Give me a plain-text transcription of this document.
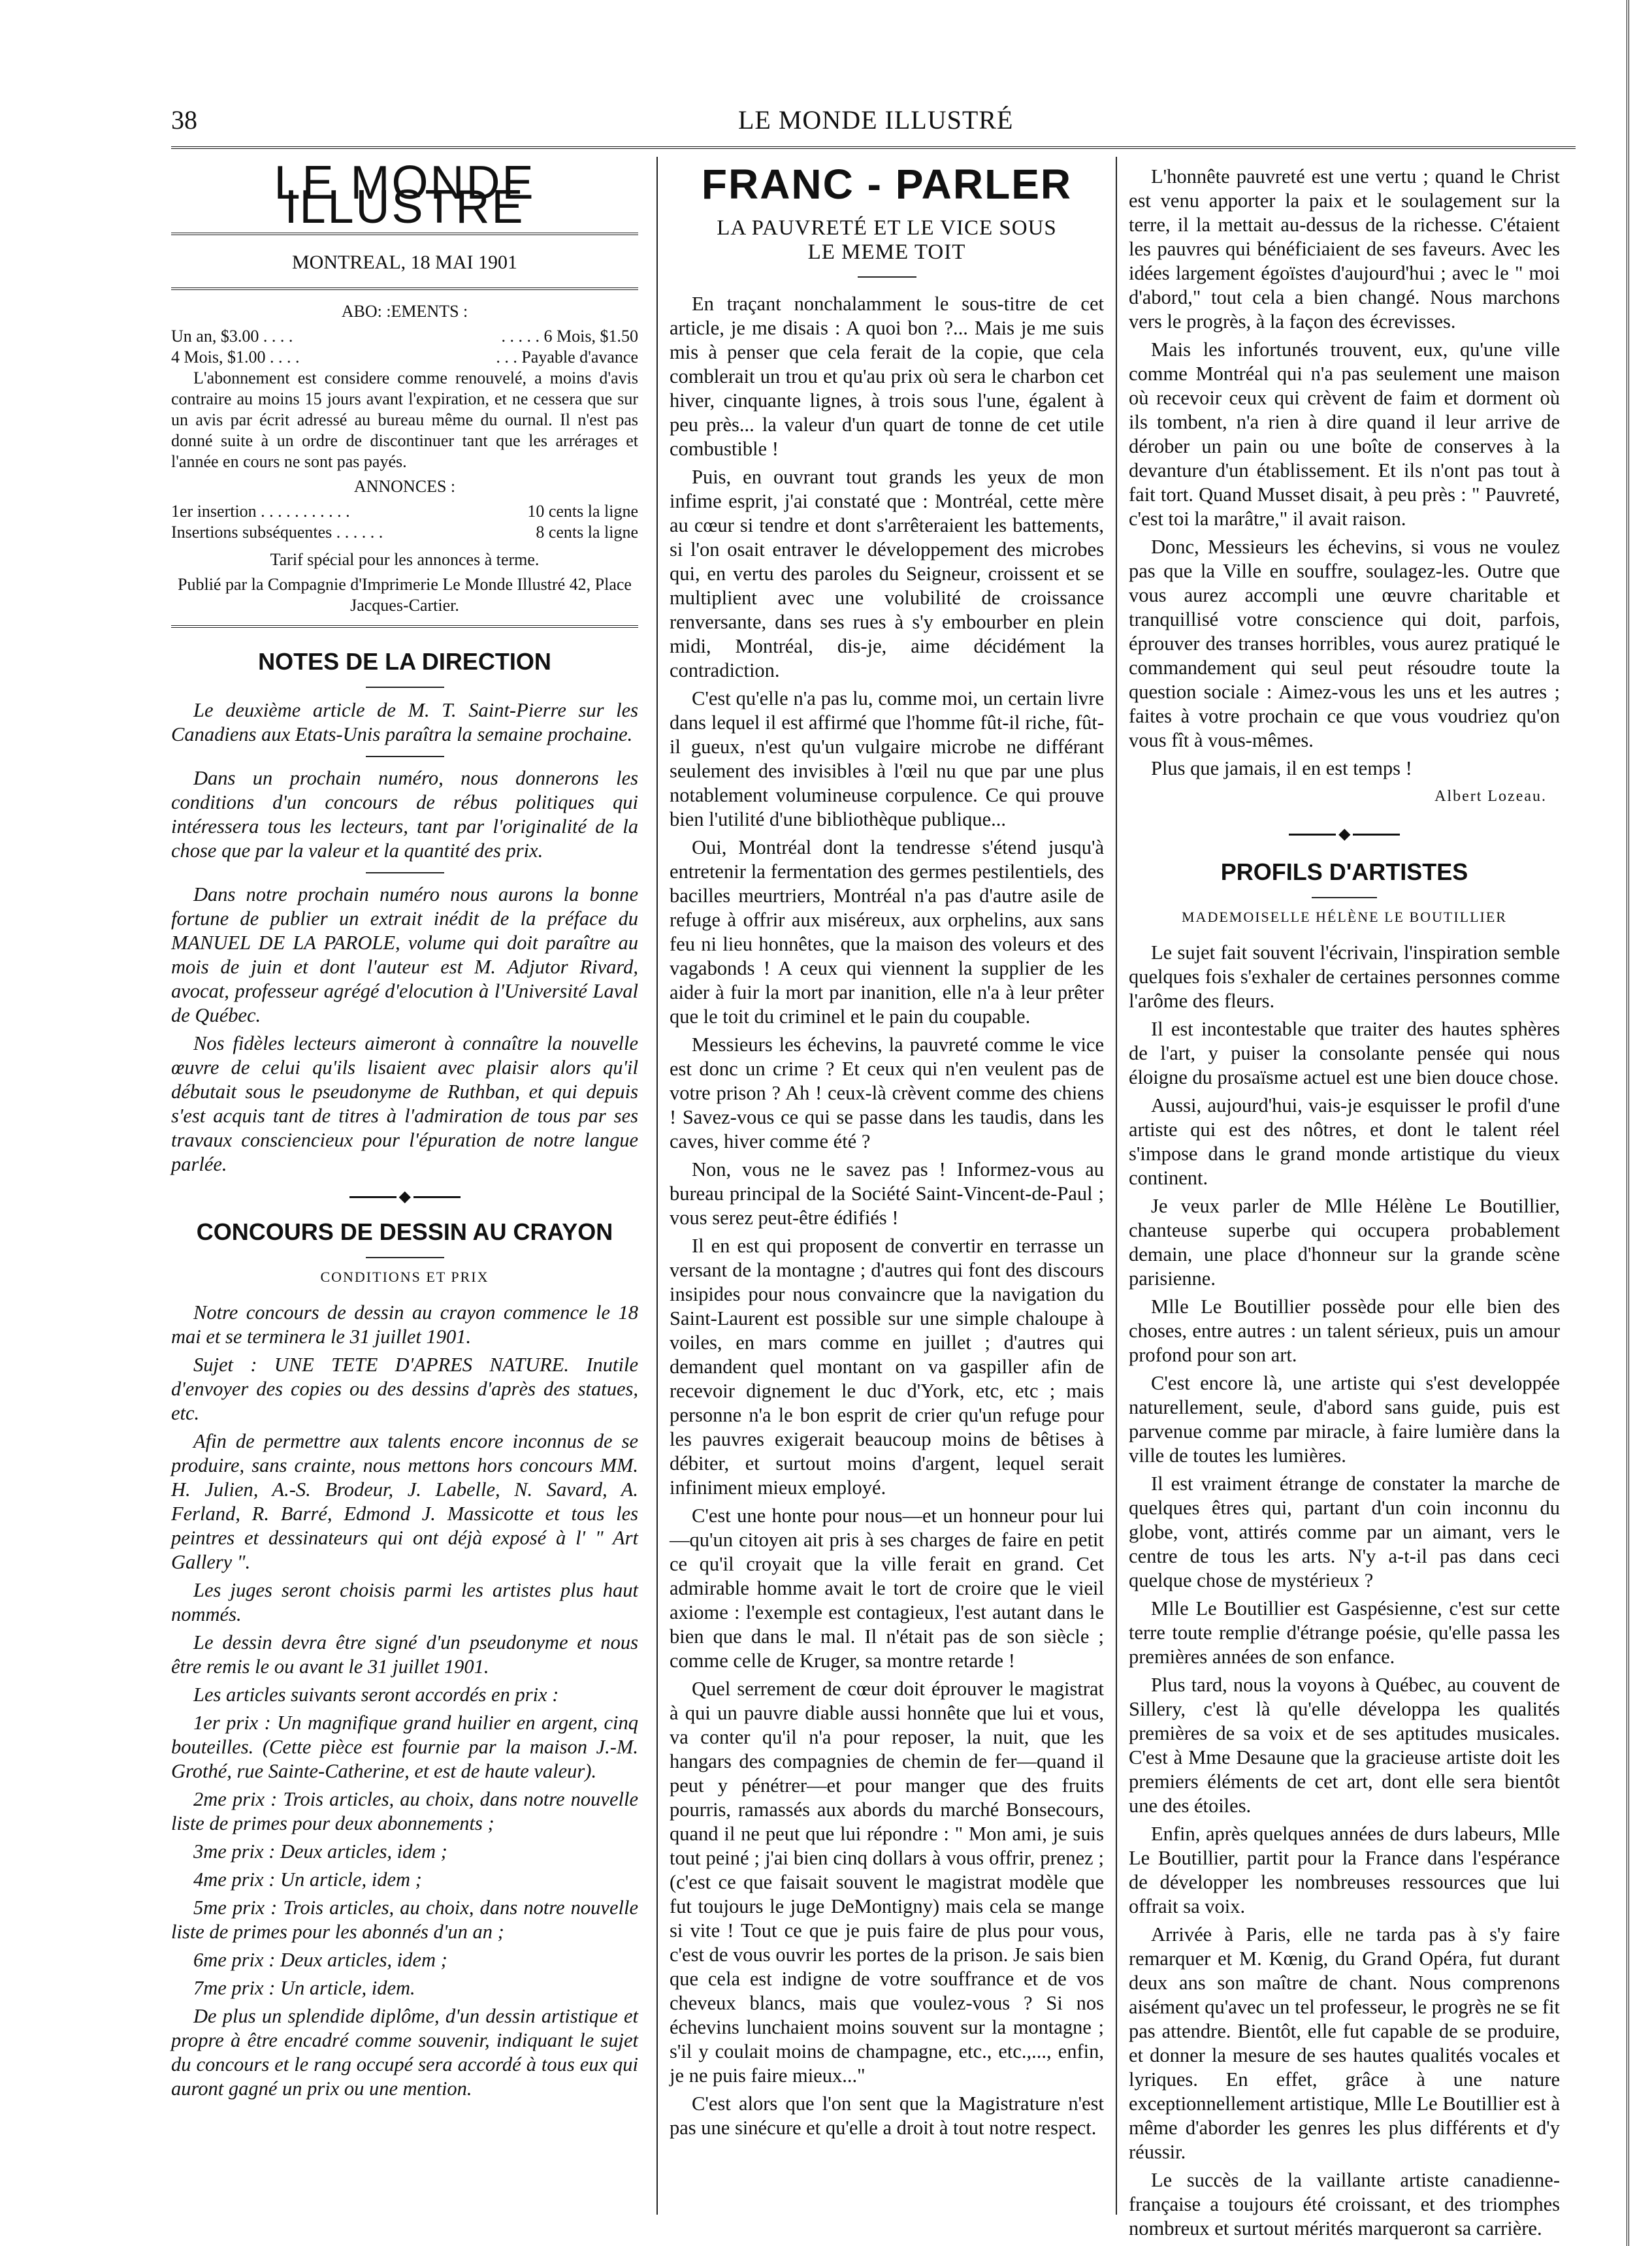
38	LE MONDE ILLUSTRÉ
LE MONDE ILLUSTRE

MONTREAL, 18 MAI 1901

ABO: :EMENTS :

Un an, $3.00 . . . .	. . . . . 6 Mois, $1.50
4 Mois, $1.00 . . . .	. . . Payable d'avance

L'abonnement est considere comme renouvelé, a moins d'avis contraire au moins 15 jours avant l'expiration, et ne cessera que sur un avis par écrit adressé au bureau même du ournal. Il n'est pas donné suite à un ordre de discontinuer tant que les arrérages et l'année en cours ne sont pas payés.

ANNONCES :

1er insertion . . . . . . . . . . .	10 cents la ligne
Insertions subséquentes . . . . . .	8 cents la ligne

Tarif spécial pour les annonces à terme.

Publié par la Compagnie d'Imprimerie Le Monde Illustré 42, Place Jacques-Cartier.

NOTES DE LA DIRECTION

Le deuxième article de M. T. Saint-Pierre sur les Canadiens aux Etats-Unis paraîtra la semaine prochaine.

Dans un prochain numéro, nous donnerons les conditions d'un concours de rébus politiques qui intéressera tous les lecteurs, tant par l'originalité de la chose que par la valeur et la quantité des prix.

Dans notre prochain numéro nous aurons la bonne fortune de publier un extrait inédit de la préface du MANUEL DE LA PAROLE, volume qui doit paraître au mois de juin et dont l'auteur est M. Adjutor Rivard, avocat, professeur agrégé d'elocution à l'Université Laval de Québec.

Nos fidèles lecteurs aimeront à connaître la nouvelle œuvre de celui qu'ils lisaient avec plaisir alors qu'il débutait sous le pseudonyme de Ruthban, et qui depuis s'est acquis tant de titres à l'admiration de tous par ses travaux consciencieux pour l'épuration de notre langue parlée.

◆
CONCOURS DE DESSIN AU CRAYON
CONDITIONS ET PRIX

Notre concours de dessin au crayon commence le 18 mai et se terminera le 31 juillet 1901.

Sujet : UNE TETE D'APRES NATURE. Inutile d'envoyer des copies ou des dessins d'après des statues, etc.

Afin de permettre aux talents encore inconnus de se produire, sans crainte, nous mettons hors concours MM. H. Julien, A.-S. Brodeur, J. Labelle, N. Savard, A. Ferland, R. Barré, Edmond J. Massicotte et tous les peintres et dessinateurs qui ont déjà exposé à l' " Art Gallery ".

Les juges seront choisis parmi les artistes plus haut nommés.

Le dessin devra être signé d'un pseudonyme et nous être remis le ou avant le 31 juillet 1901.

Les articles suivants seront accordés en prix :

1er prix : Un magnifique grand huilier en argent, cinq bouteilles. (Cette pièce est fournie par la maison J.-M. Grothé, rue Sainte-Catherine, et est de haute valeur).

2me prix : Trois articles, au choix, dans notre nouvelle liste de primes pour deux abonnements ;

3me prix : Deux articles, idem ;

4me prix : Un article, idem ;

5me prix : Trois articles, au choix, dans notre nouvelle liste de primes pour les abonnés d'un an ;

6me prix : Deux articles, idem ;

7me prix : Un article, idem.

De plus un splendide diplôme, d'un dessin artistique et propre à être encadré comme souvenir, indiquant le sujet du concours et le rang occupé sera accordé à tous eux qui auront gagné un prix ou une mention.

FRANC - PARLER
LA PAUVRETÉ ET LE VICE SOUS LE MEME TOIT

En traçant nonchalamment le sous-titre de cet article, je me disais : A quoi bon ?... Mais je me suis mis à penser que cela ferait de la copie, que cela comblerait un trou et qu'au prix où sera le charbon cet hiver, cinquante lignes, à trois sous l'une, égalent à peu près... la valeur d'un quart de tonne de cet utile combustible !

Puis, en ouvrant tout grands les yeux de mon infime esprit, j'ai constaté que : Montréal, cette mère au cœur si tendre et dont s'arrêteraient les battements, si l'on osait entraver le développement des microbes qui, en vertu des paroles du Seigneur, croissent et se multiplient avec une volubilité de croissance renversante, dans ses rues à s'y embourber en plein midi, Montréal, dis-je, aime décidément la contradiction.

C'est qu'elle n'a pas lu, comme moi, un certain livre dans lequel il est affirmé que l'homme fût-il riche, fût-il gueux, n'est qu'un vulgaire microbe ne différant seulement des invisibles à l'œil nu que par une plus notablement volumineuse corpulence. Ce qui prouve bien l'utilité d'une bibliothèque publique...

Oui, Montréal dont la tendresse s'étend jusqu'à entretenir la fermentation des germes pestilentiels, des bacilles meurtriers, Montréal n'a pas d'autre asile de refuge à offrir aux miséreux, aux orphelins, aux sans feu ni lieu honnêtes, que la maison des voleurs et des vagabonds ! A ceux qui viennent la supplier de les aider à fuir la mort par inanition, elle n'a à leur prêter que le toit du criminel et le pain du coupable.

Messieurs les échevins, la pauvreté comme le vice est donc un crime ? Et ceux qui n'en veulent pas de votre prison ? Ah ! ceux-là crèvent comme des chiens ! Savez-vous ce qui se passe dans les taudis, dans les caves, hiver comme été ?

Non, vous ne le savez pas ! Informez-vous au bureau principal de la Société Saint-Vincent-de-Paul ; vous serez peut-être édifiés !

Il en est qui proposent de convertir en terrasse un versant de la montagne ; d'autres qui font des discours insipides pour nous convaincre que la navigation du Saint-Laurent est possible sur une simple chaloupe à voiles, en mars comme en juillet ; d'autres qui demandent quel montant on va gaspiller afin de recevoir dignement le duc d'York, etc, etc ; mais personne n'a le bon esprit de crier qu'un refuge pour les pauvres exigerait beaucoup moins de bêtises à débiter, et surtout moins d'argent, lequel serait infiniment mieux employé.

C'est une honte pour nous—et un honneur pour lui—qu'un citoyen ait pris à ses charges de faire en petit ce qu'il croyait que la ville ferait en grand. Cet admirable homme avait le tort de croire que le vieil axiome : l'exemple est contagieux, l'est autant dans le bien que dans le mal. Il n'était pas de son siècle ; comme celle de Kruger, sa montre retarde !

Quel serrement de cœur doit éprouver le magistrat à qui un pauvre diable aussi honnête que lui et vous, va conter qu'il n'a pour reposer, la nuit, que les hangars des compagnies de chemin de fer—quand il peut y pénétrer—et pour manger que des fruits pourris, ramassés aux abords du marché Bonsecours, quand il ne peut que lui répondre : " Mon ami, je suis tout peiné ; j'ai bien cinq dollars à vous offrir, prenez ; (c'est ce que faisait souvent le magistrat modèle que fut toujours le juge DeMontigny) mais cela se mange si vite ! Tout ce que je puis faire de plus pour vous, c'est de vous ouvrir les portes de la prison. Je sais bien que cela est indigne de votre souffrance et de vos cheveux blancs, mais que voulez-vous ? Si nos échevins lunchaient moins souvent sur la montagne ; s'il y coulait moins de champagne, etc., etc.,..., enfin, je ne puis faire mieux..."

C'est alors que l'on sent que la Magistrature n'est pas une sinécure et qu'elle a droit à tout notre respect.

L'honnête pauvreté est une vertu ; quand le Christ est venu apporter la paix et le soulagement sur la terre, il la mettait au-dessus de la richesse. C'étaient les pauvres qui bénéficiaient de ses faveurs. Avec les idées largement égoïstes d'aujourd'hui ; avec le " moi d'abord," tout cela a bien changé. Nous marchons vers le progrès, à la façon des écrevisses.

Mais les infortunés trouvent, eux, qu'une ville comme Montréal qui n'a pas seulement une maison où recevoir ceux qui crèvent de faim et dorment où ils tombent, n'a rien à dire quand il leur arrive de dérober un pain ou une boîte de conserves à la devanture d'un établissement. Et ils n'ont pas tout à fait tort. Quand Musset disait, à peu près : " Pauvreté, c'est toi la marâtre," il avait raison.

Donc, Messieurs les échevins, si vous ne voulez pas que la Ville en souffre, soulagez-les. Outre que vous aurez accompli une œuvre charitable et tranquillisé votre conscience qui doit, parfois, éprouver des transes horribles, vous aurez pratiqué le commandement qui seul peut résoudre toute la question sociale : Aimez-vous les uns et les autres ; faites à votre prochain ce que vous voudriez qu'on vous fît à vous-mêmes.

Plus que jamais, il en est temps !

Albert Lozeau.
◆
PROFILS D'ARTISTES
MADEMOISELLE HÉLÈNE LE BOUTILLIER

Le sujet fait souvent l'écrivain, l'inspiration semble quelques fois s'exhaler de certaines personnes comme l'arôme des fleurs.

Il est incontestable que traiter des hautes sphères de l'art, y puiser la consolante pensée qui nous éloigne du prosaïsme actuel est une bien douce chose.

Aussi, aujourd'hui, vais-je esquisser le profil d'une artiste qui est des nôtres, et dont le talent réel s'impose dans le grand monde artistique du vieux continent.

Je veux parler de Mlle Hélène Le Boutillier, chanteuse superbe qui occupera probablement demain, une place d'honneur sur la grande scène parisienne.

Mlle Le Boutillier possède pour elle bien des choses, entre autres : un talent sérieux, puis un amour profond pour son art.

C'est encore là, une artiste qui s'est developpée naturellement, seule, d'abord sans guide, puis est parvenue comme par miracle, à faire lumière dans la ville de toutes les lumières.

Il est vraiment étrange de constater la marche de quelques êtres qui, partant d'un coin inconnu du globe, vont, attirés comme par un aimant, vers le centre de tous les arts. N'y a-t-il pas dans ceci quelque chose de mystérieux ?

Mlle Le Boutillier est Gaspésienne, c'est sur cette terre toute remplie d'étrange poésie, qu'elle passa les premières années de son enfance.

Plus tard, nous la voyons à Québec, au couvent de Sillery, c'est là qu'elle développa les qualités premières de sa voix et de ses aptitudes musicales. C'est à Mme Desaune que la gracieuse artiste doit les premiers éléments de cet art, dont elle sera bientôt une des étoiles.

Enfin, après quelques années de durs labeurs, Mlle Le Boutillier, partit pour la France dans l'espérance de développer les nombreuses ressources que lui offrait sa voix.

Arrivée à Paris, elle ne tarda pas à s'y faire remarquer et M. Kœnig, du Grand Opéra, fut durant deux ans son maître de chant. Nous comprenons aisément qu'avec un tel professeur, le progrès ne se fit pas attendre. Bientôt, elle fut capable de se produire, et donner la mesure de ses hautes qualités vocales et lyriques. En effet, grâce à une nature exceptionnellement artistique, Mlle Le Boutillier est à même d'aborder les genres les plus différents et d'y réussir.

Le succès de la vaillante artiste canadienne-française a toujours été croissant, et des triomphes nombreux et surtout mérités marqueront sa carrière.
